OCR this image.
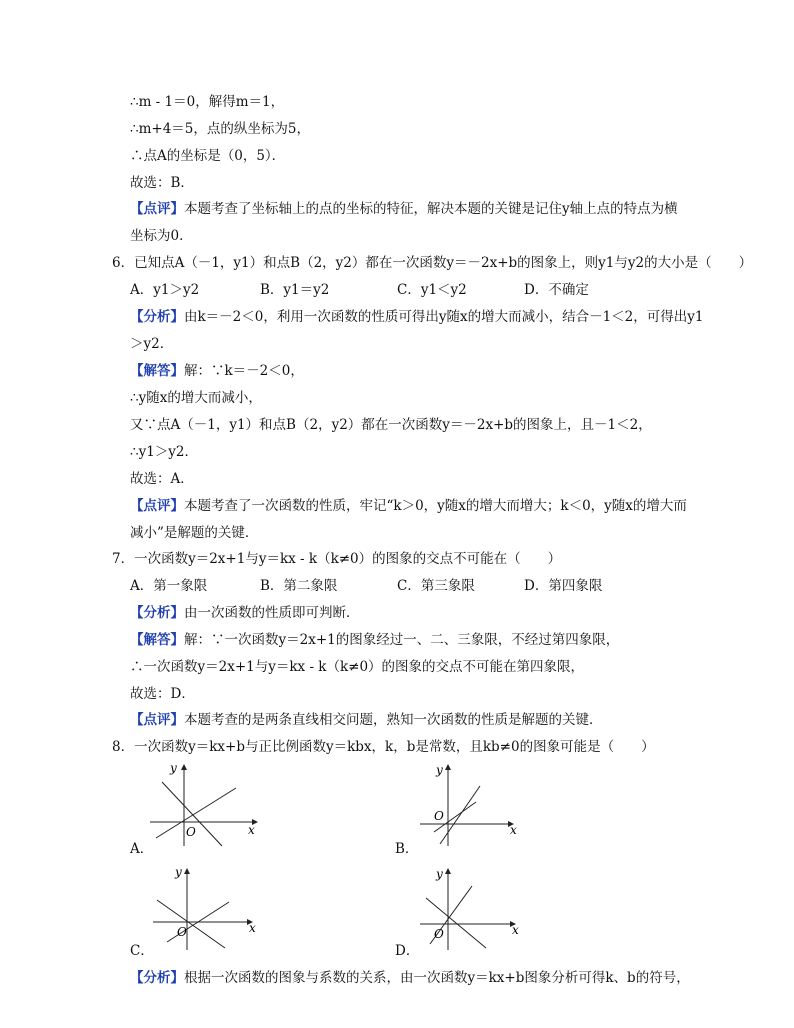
∴m - 1＝0，解得m＝1，
∴m+4＝5，点的纵坐标为5，
∴点A的坐标是（0，5）．
故选：B．
【点评】本题考查了坐标轴上的点的坐标的特征，解决本题的关键是记住y轴上点的特点为横
坐标为0．
6．已知点A（－1，y1）和点B（2，y2）都在一次函数y＝－2x+b的图象上，则y1与y2的大小是（　　）
A．y1＞y2	B．y1＝y2	C．y1＜y2	D．不确定
【分析】由k＝－2＜0，利用一次函数的性质可得出y随x的增大而减小，结合－1＜2，可得出y1
＞y2．
【解答】解：∵k＝－2＜0，
∴y随x的增大而减小，
又∵点A（－1，y1）和点B（2，y2）都在一次函数y＝－2x+b的图象上，且－1＜2，
∴y1＞y2．
故选：A．
【点评】本题考查了一次函数的性质，牢记“k＞0，y随x的增大而增大；k＜0，y随x的增大而
减小”是解题的关键．
7．一次函数y＝2x+1与y＝kx - k（k≠0）的图象的交点不可能在（　　）
A．第一象限	B．第二象限	C．第三象限	D．第四象限
【分析】由一次函数的性质即可判断．
【解答】解：∵一次函数y＝2x+1的图象经过一、二、三象限，不经过第四象限，
∴一次函数y＝2x+1与y＝kx - k（k≠0）的图象的交点不可能在第四象限，
故选：D．
【点评】本题考查的是两条直线相交问题，熟知一次函数的性质是解题的关键．
8．一次函数y＝kx+b与正比例函数y＝kbx，k，b是常数，且kb≠0的图象可能是（　　）
x
y
O
A．
x
y
O
B．
x
y
O
C．
x
y
O
D．
【分析】根据一次函数的图象与系数的关系，由一次函数y＝kx+b图象分析可得k、b的符号，
